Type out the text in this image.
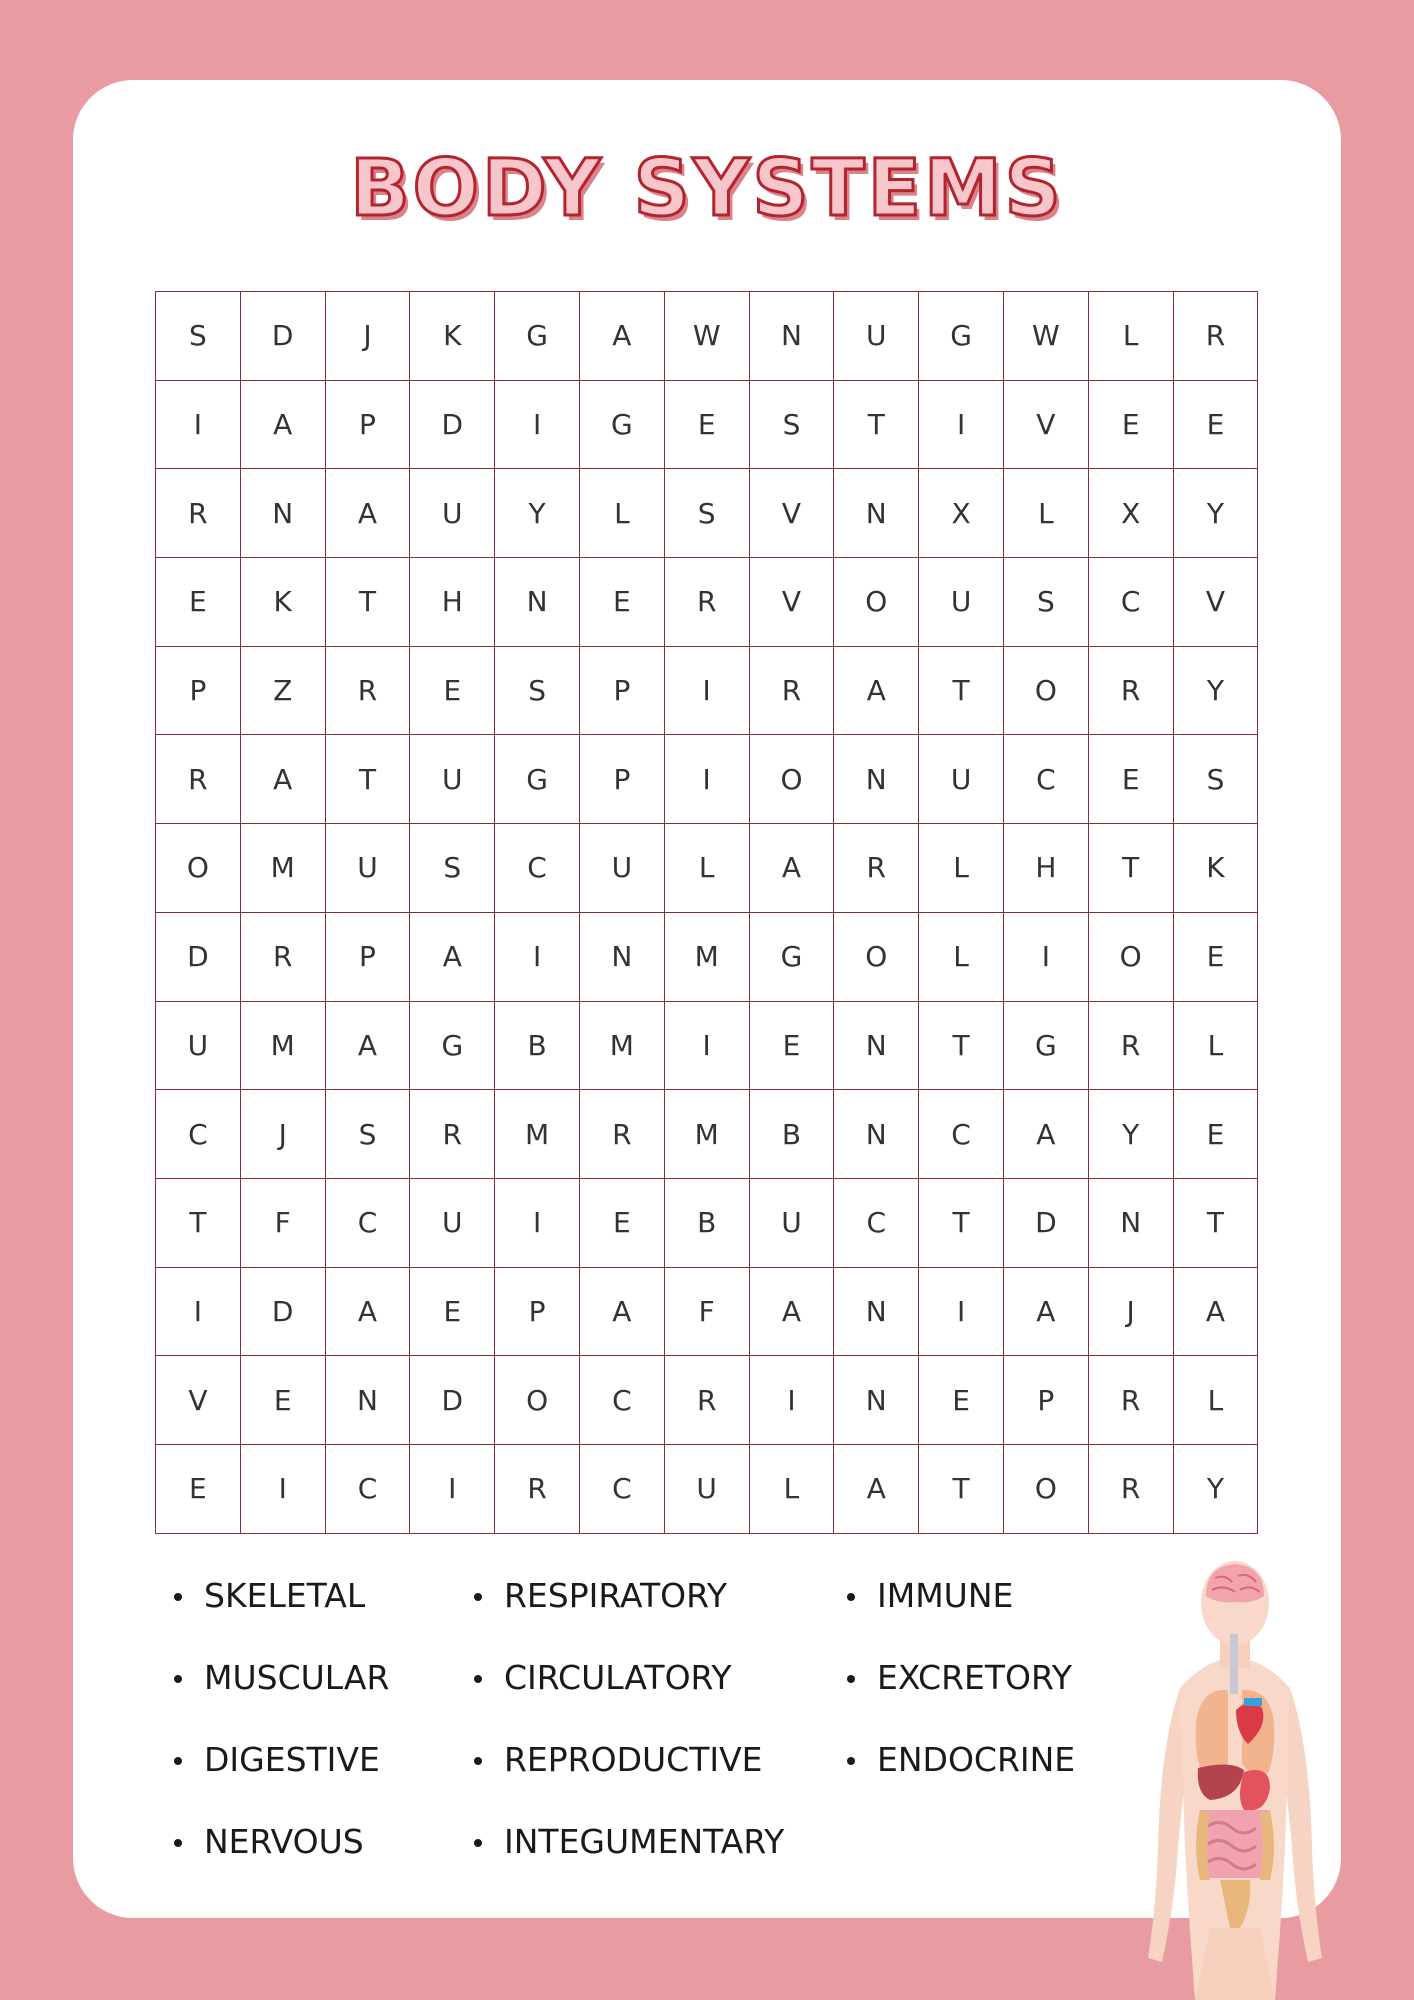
BODY SYSTEMS
S	D	J	K	G	A	W	N	U	G	W	L	R
I	A	P	D	I	G	E	S	T	I	V	E	E
R	N	A	U	Y	L	S	V	N	X	L	X	Y
E	K	T	H	N	E	R	V	O	U	S	C	V
P	Z	R	E	S	P	I	R	A	T	O	R	Y
R	A	T	U	G	P	I	O	N	U	C	E	S
O	M	U	S	C	U	L	A	R	L	H	T	K
D	R	P	A	I	N	M	G	O	L	I	O	E
U	M	A	G	B	M	I	E	N	T	G	R	L
C	J	S	R	M	R	M	B	N	C	A	Y	E
T	F	C	U	I	E	B	U	C	T	D	N	T
I	D	A	E	P	A	F	A	N	I	A	J	A
V	E	N	D	O	C	R	I	N	E	P	R	L
E	I	C	I	R	C	U	L	A	T	O	R	Y
SKELETAL
MUSCULAR
DIGESTIVE
NERVOUS
RESPIRATORY
CIRCULATORY
REPRODUCTIVE
INTEGUMENTARY
IMMUNE
EXCRETORY
ENDOCRINE
